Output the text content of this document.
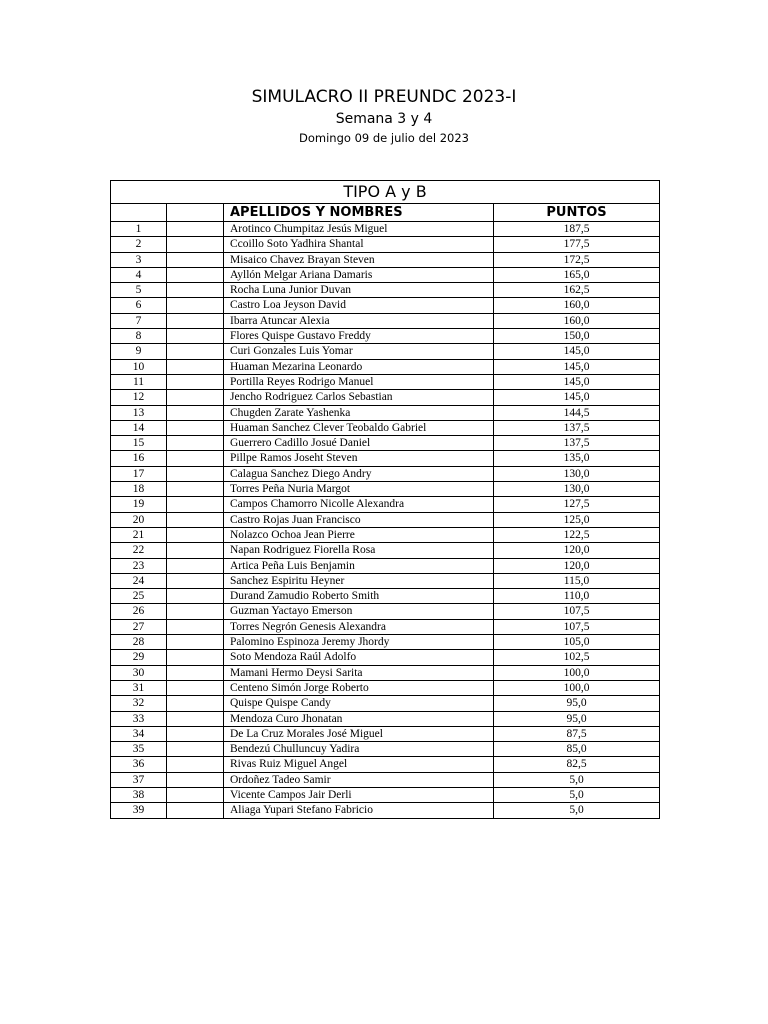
SIMULACRO II PREUNDC 2023-I
Semana 3 y 4
Domingo 09 de julio del 2023
TIPO A y B			
		APELLIDOS Y NOMBRES	PUNTOS
1		Arotinco Chumpitaz Jesús Miguel	187,5
2		Ccoillo Soto Yadhira Shantal	177,5
3		Misaico Chavez Brayan Steven	172,5
4		Ayllón Melgar Ariana Damaris	165,0
5		Rocha Luna Junior Duvan	162,5
6		Castro Loa Jeyson David	160,0
7		Ibarra Atuncar Alexia	160,0
8		Flores Quispe Gustavo Freddy	150,0
9		Curi Gonzales Luis Yomar	145,0
10		Huaman Mezarina Leonardo	145,0
11		Portilla Reyes Rodrigo Manuel	145,0
12		Jencho Rodriguez Carlos Sebastian	145,0
13		Chugden Zarate Yashenka	144,5
14		Huaman Sanchez Clever Teobaldo Gabriel	137,5
15		Guerrero Cadillo Josué Daniel	137,5
16		Pillpe Ramos Joseht Steven	135,0
17		Calagua Sanchez Diego Andry	130,0
18		Torres Peña Nuria Margot	130,0
19		Campos Chamorro Nicolle Alexandra	127,5
20		Castro Rojas Juan Francisco	125,0
21		Nolazco Ochoa Jean Pierre	122,5
22		Napan Rodriguez Fiorella Rosa	120,0
23		Artica Peña Luis Benjamin	120,0
24		Sanchez Espiritu Heyner	115,0
25		Durand Zamudio Roberto Smith	110,0
26		Guzman Yactayo Emerson	107,5
27		Torres Negrón Genesis Alexandra	107,5
28		Palomino Espinoza Jeremy Jhordy	105,0
29		Soto Mendoza Raúl Adolfo	102,5
30		Mamani Hermo Deysi Sarita	100,0
31		Centeno Simón Jorge Roberto	100,0
32		Quispe Quispe Candy	95,0
33		Mendoza Curo Jhonatan	95,0
34		De La Cruz Morales José Miguel	87,5
35		Bendezú Chulluncuy Yadira	85,0
36		Rivas Ruiz Miguel Angel	82,5
37		Ordoñez Tadeo Samir	5,0
38		Vicente Campos Jair Derli	5,0
39		Aliaga Yupari Stefano Fabricio	5,0
